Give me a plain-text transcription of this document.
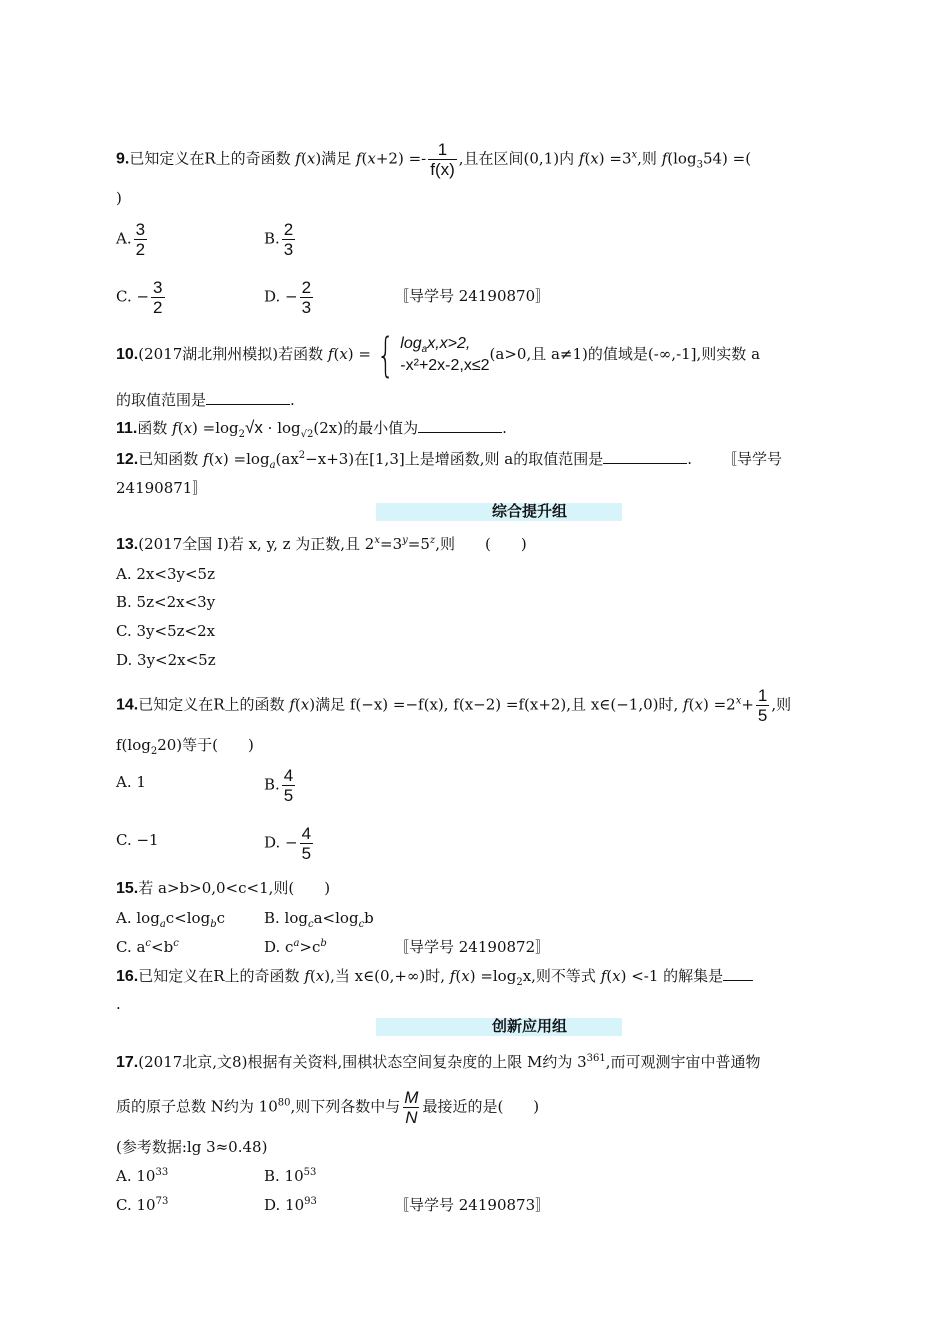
9.已知定义在R上的奇函数 f(x)满足 $f(x+2) =- \frac{1}{f(x)}$ ,且在区间(0,1)内 $f(x) =3^x$,则 $f(\log_354)$ =(
)
A. $\frac{3}{2}$	B. $\frac{2}{3}$
C. − $\frac{3}{2}$	D. − $\frac{2}{3}$	〚导学号 24190870〛
10.(2017湖北荆州模拟)若函数 f(x) = { $\log_ax,x>2$,
-x²+2x-2,x≤2
(a>0,且 a≠1)的值域是(-∞,-1],则实数 a
的取值范围是	.
11.函数 $f(x) =\log_2√x \cdot \log_{√2}(2x)$的最小值为	.
12.已知函数 $f(x) =\log_a(ax^2-x+3)$在[1,3]上是增函数,则 a的取值范围是	. 〚导学号
24190871〛
综合提升组
13.(2017全国 Ⅰ)若 x, y, z 为正数,且 $2^x=3^y=5^z$,则 (　　)
A. 2x<3y<5z
B. 5z<2x<3y
C. 3y<5z<2x
D. 3y<2x<5z
14.已知定义在R上的函数 f(x)满足 f(−x) =−f(x), f(x−2) =f(x+2),且 x∈(−1,0)时, $f(x) =2^x+ \frac{1}{5}$ ,则
$f(\log_220)$等于(　　)
A. 1	B. $\frac{4}{5}$
C. −1	D. − $\frac{4}{5}$
15.若 a>b>0,0<c<1,则(　　)
A. $\log_ac<\log_bc$	B. $\log_ca<\log_cb$
C. $a^c<b^c$	D. $c^a>c^b$	〚导学号 24190872〛
16.已知定义在R上的奇函数 f(x),当 x∈(0,+∞)时, $f(x) =\log_2x$,则不等式 f(x) <-1 的解集是
.
创新应用组
17.(2017北京,文8)根据有关资料,围棋状态空间复杂度的上限 M约为 $3^{361}$,而可观测宇宙中普通物
质的原子总数 N约为 $10^{80}$,则下列各数中与 $\frac{M}{N}$ 最接近的是(　　)
(参考数据:lg 3≈0.48)
A. $10^{33}$	B. $10^{53}$
C. $10^{73}$	D. $10^{93}$	〚导学号 24190873〛
